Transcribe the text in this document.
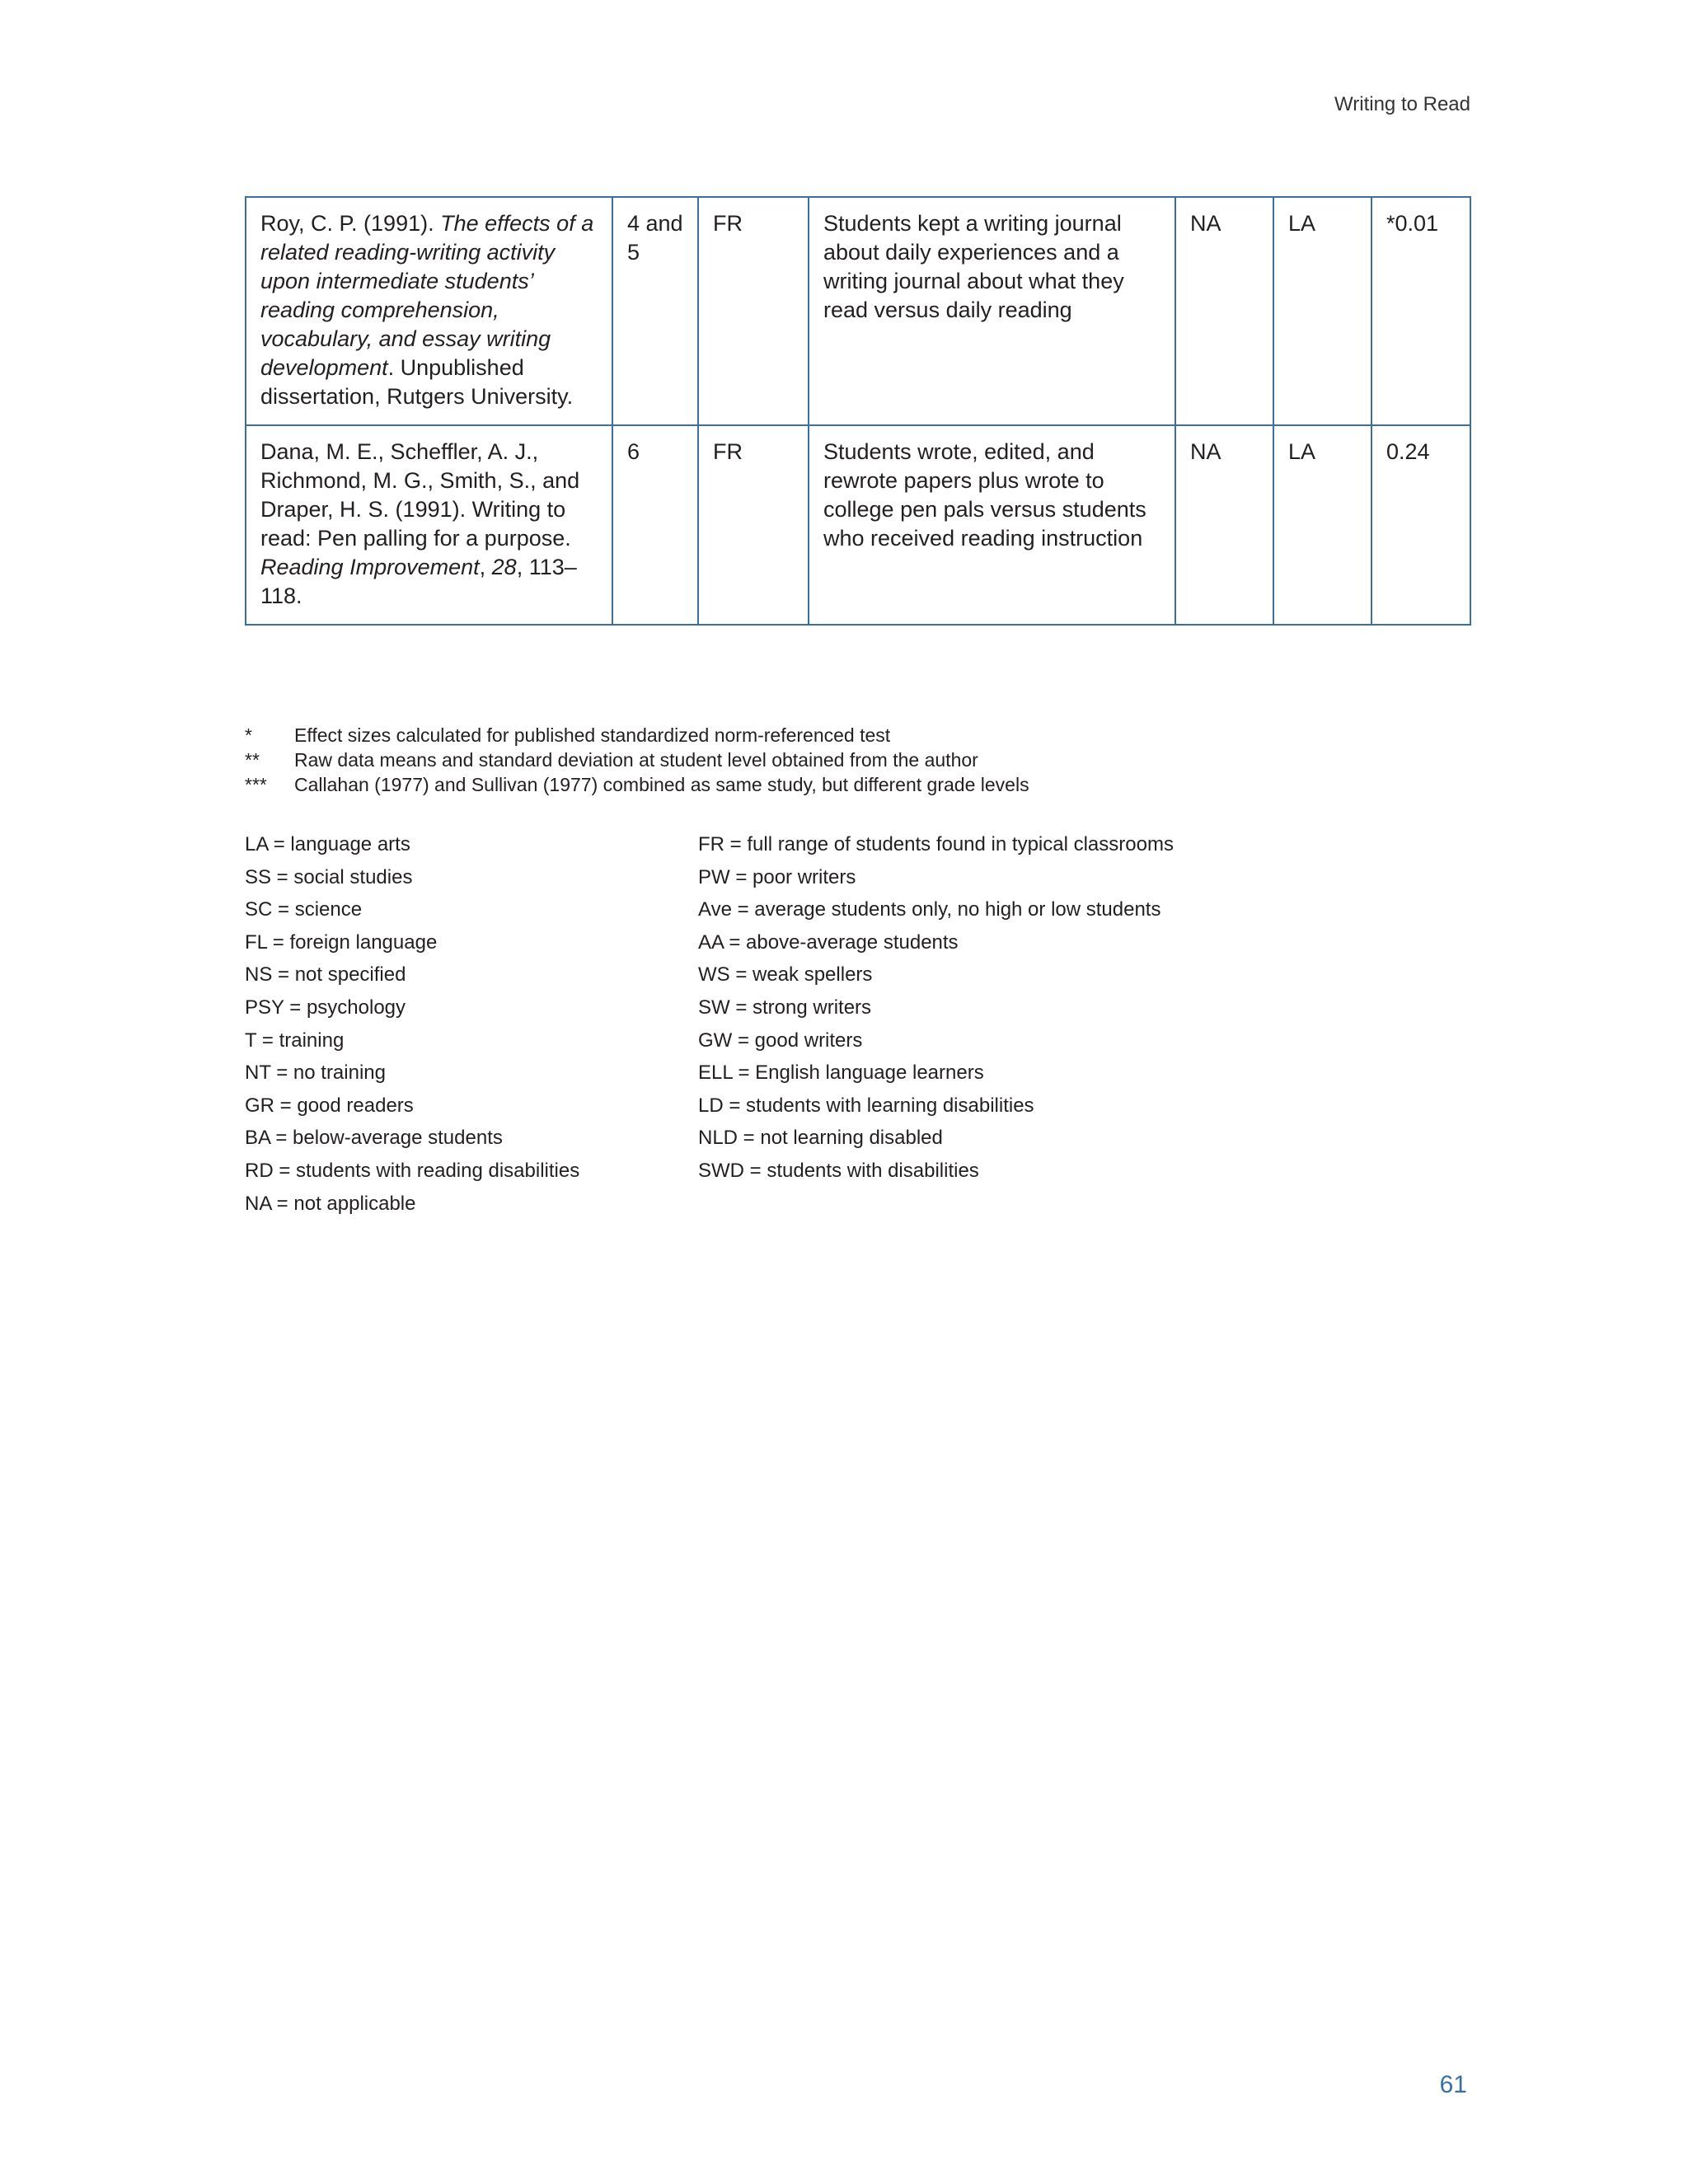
Writing to Read
Roy, C. P. (1991). The effects of a related reading-writing activity upon intermediate students’ reading comprehension, vocabulary, and essay writing development. Unpublished dissertation, Rutgers University.	4 and 5	FR	Students kept a writing journal about daily experiences and a writing journal about what they read versus daily reading	NA	LA	*0.01
Dana, M. E., Scheffler, A. J., Richmond, M. G., Smith, S., and Draper, H. S. (1991). Writing to read: Pen palling for a purpose. Reading Improvement, 28, 113–118.	6	FR	Students wrote, edited, and rewrote papers plus wrote to college pen pals versus students who received reading instruction	NA	LA	0.24
*	Effect sizes calculated for published standardized norm-referenced test
**	Raw data means and standard deviation at student level obtained from the author
***	Callahan (1977) and Sullivan (1977) combined as same study, but different grade levels
LA = language arts
SS = social studies
SC = science
FL = foreign language
NS = not specified
PSY = psychology
T = training
NT = no training
GR = good readers
BA = below-average students
RD = students with reading disabilities
NA = not applicable
FR = full range of students found in typical classrooms
PW = poor writers
Ave = average students only, no high or low students
AA = above-average students
WS = weak spellers
SW = strong writers
GW = good writers
ELL = English language learners
LD = students with learning disabilities
NLD = not learning disabled
SWD = students with disabilities
61
